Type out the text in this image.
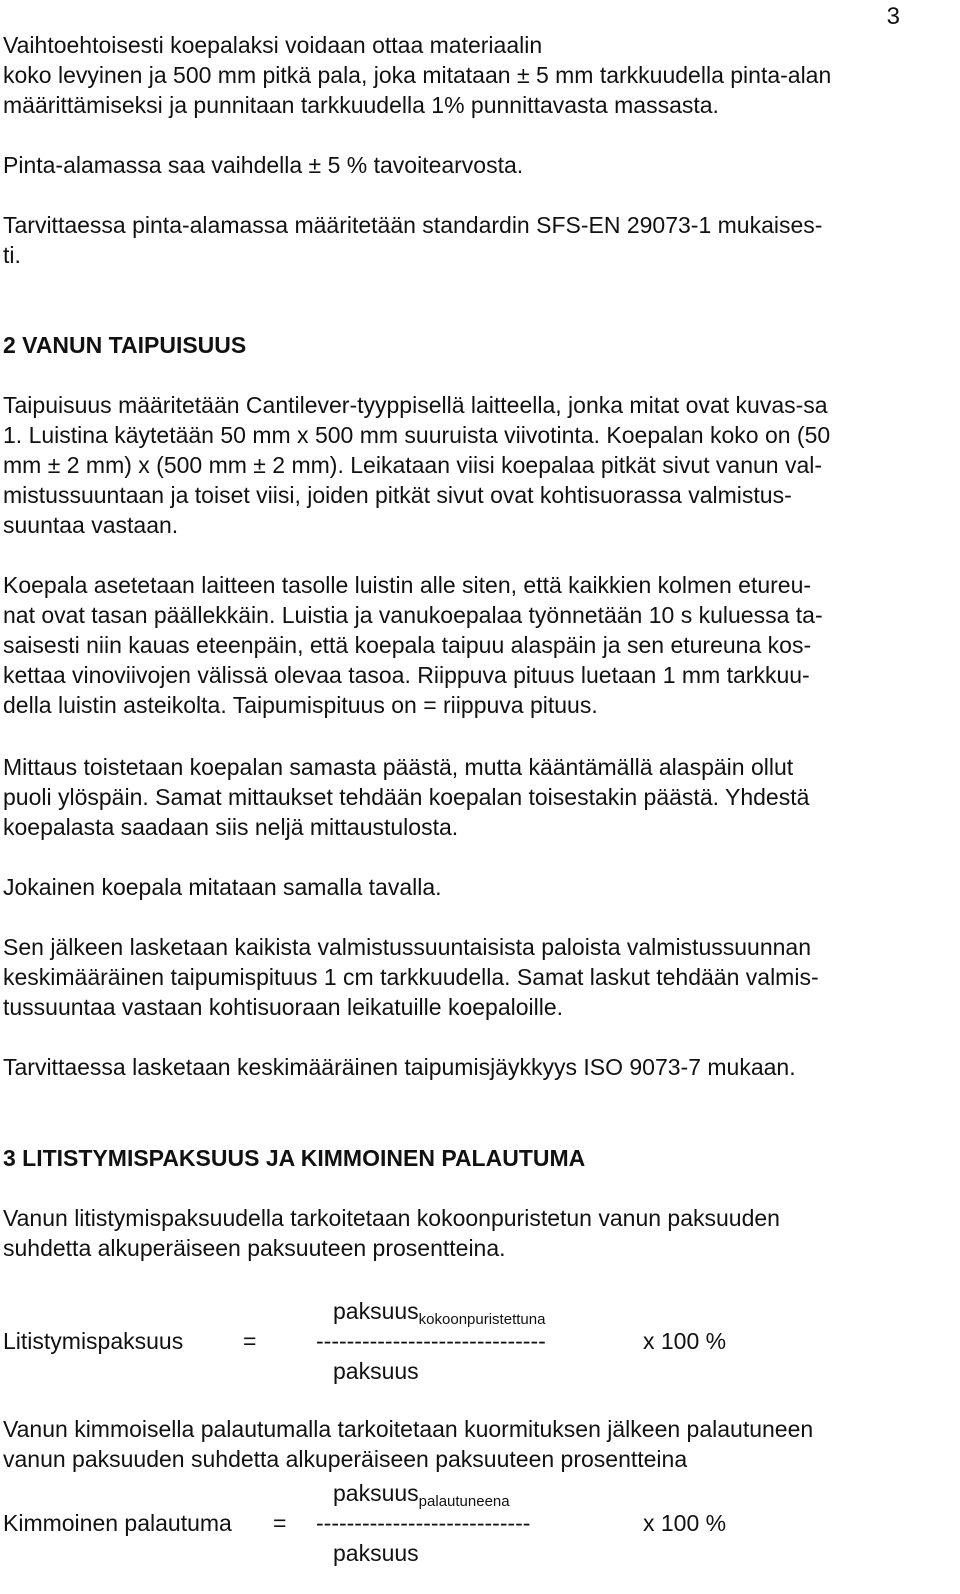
3
Vaihtoehtoisesti koepalaksi voidaan ottaa materiaalin
koko levyinen ja 500 mm pitkä pala, joka mitataan ± 5 mm tarkkuudella pinta-alan
määrittämiseksi ja punnitaan tarkkuudella 1% punnittavasta massasta.
Pinta-alamassa saa vaihdella ± 5 % tavoitearvosta.
Tarvittaessa pinta-alamassa määritetään standardin SFS-EN 29073-1 mukaises-
ti.
2 VANUN TAIPUISUUS
Taipuisuus määritetään Cantilever-tyyppisellä laitteella, jonka mitat ovat kuvas-sa
1. Luistina käytetään 50 mm x 500 mm suuruista viivotinta. Koepalan koko on (50
mm ± 2 mm) x (500 mm ± 2 mm). Leikataan viisi koepalaa pitkät sivut vanun val-
mistussuuntaan ja toiset viisi, joiden pitkät sivut ovat kohtisuorassa valmistus-
suuntaa vastaan.
Koepala asetetaan laitteen tasolle luistin alle siten, että kaikkien kolmen etureu-
nat ovat tasan päällekkäin. Luistia ja vanukoepalaa työnnetään 10 s kuluessa ta-
saisesti niin kauas eteenpäin, että koepala taipuu alaspäin ja sen etureuna kos-
kettaa vinoviivojen välissä olevaa tasoa. Riippuva pituus luetaan 1 mm tarkkuu-
della luistin asteikolta. Taipumispituus on = riippuva pituus.
Mittaus toistetaan koepalan samasta päästä, mutta kääntämällä alaspäin ollut
puoli ylöspäin. Samat mittaukset tehdään koepalan toisestakin päästä. Yhdestä
koepalasta saadaan siis neljä mittaustulosta.
Jokainen koepala mitataan samalla tavalla.
Sen jälkeen lasketaan kaikista valmistussuuntaisista paloista valmistussuunnan
keskimääräinen taipumispituus 1 cm tarkkuudella. Samat laskut tehdään valmis-
tussuuntaa vastaan kohtisuoraan leikatuille koepaloille.
Tarvittaessa lasketaan keskimääräinen taipumisjäykkyys ISO 9073-7 mukaan.
3 LITISTYMISPAKSUUS JA KIMMOINEN PALAUTUMA
Vanun litistymispaksuudella tarkoitetaan kokoonpuristetun vanun paksuuden
suhdetta alkuperäiseen paksuuteen prosentteina.
paksuus$_{kokoonpuristettuna}$
Litistymispaksuus	=	------------------------------	x 100 %
paksuus
Vanun kimmoisella palautumalla tarkoitetaan kuormituksen jälkeen palautuneen
vanun paksuuden suhdetta alkuperäiseen paksuuteen prosentteina
paksuus$_{palautuneena}$
Kimmoinen palautuma = ----------------------------	x 100 %
paksuus
